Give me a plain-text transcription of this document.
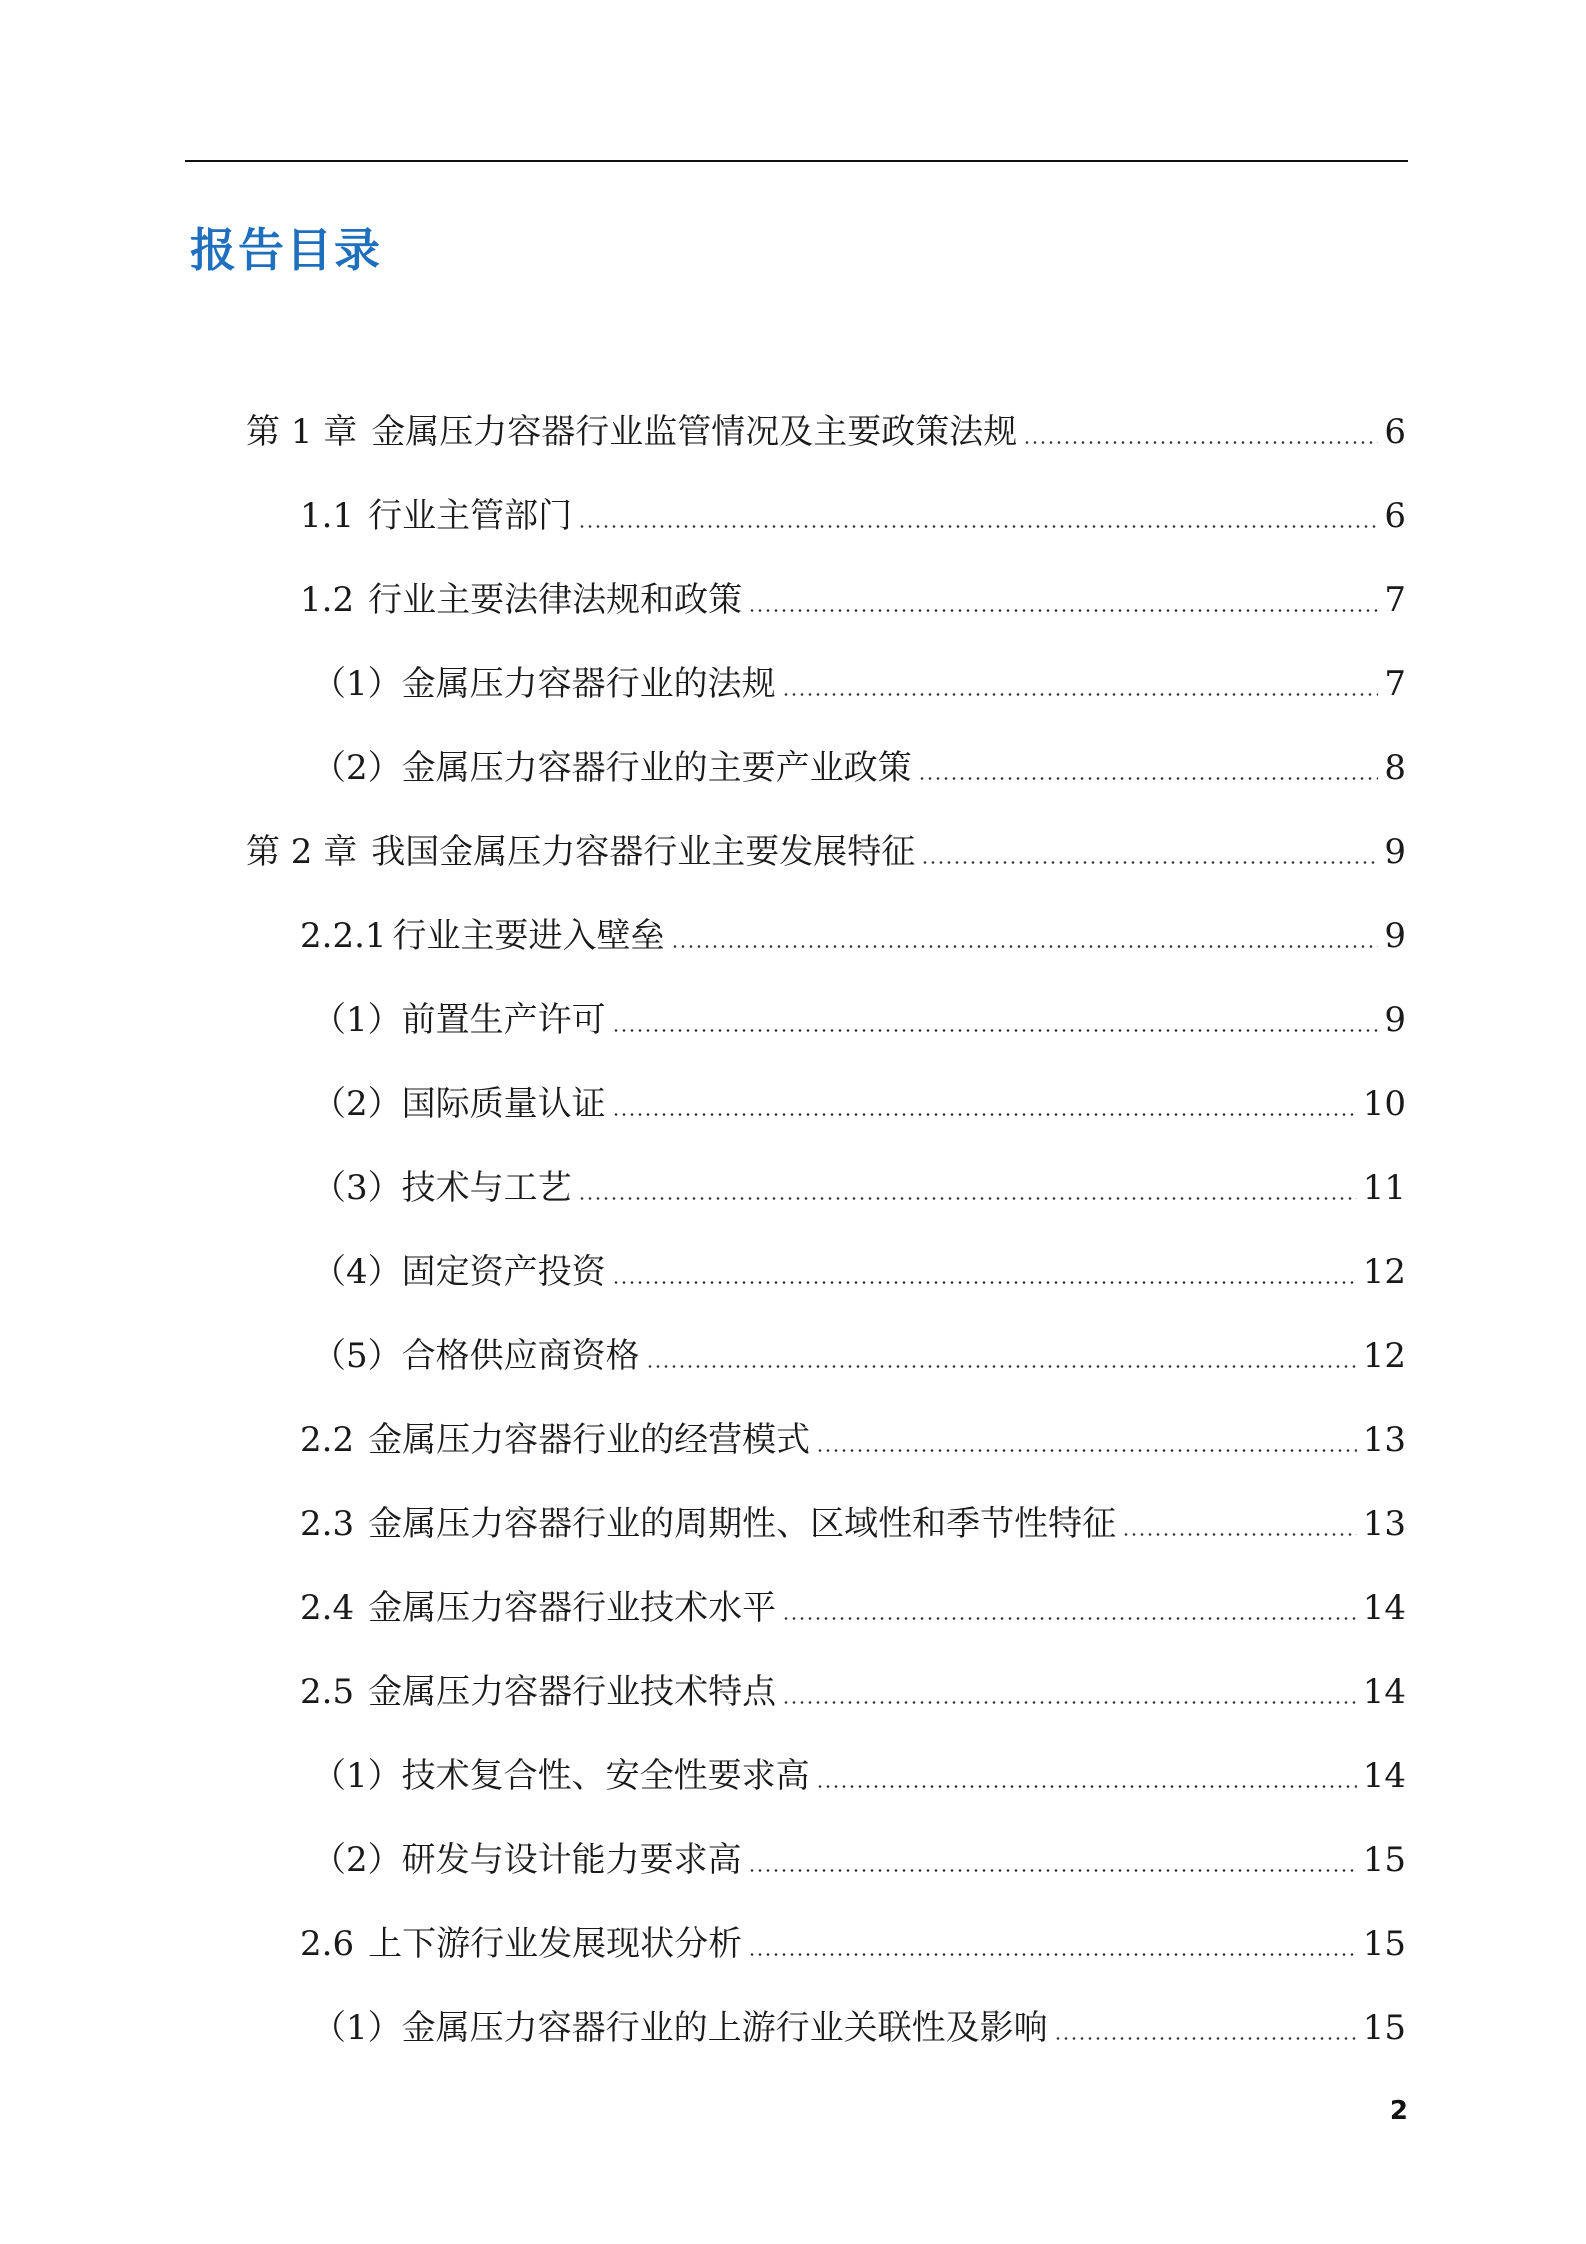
报告目录
第 1 章 金属压力容器行业监管情况及主要政策法规	6
1.1 行业主管部门	6
1.2 行业主要法律法规和政策	7
（1）金属压力容器行业的法规	7
（2）金属压力容器行业的主要产业政策	8
第 2 章 我国金属压力容器行业主要发展特征	9
2.2.1 行业主要进入壁垒	9
（1）前置生产许可	9
（2）国际质量认证	10
（3）技术与工艺	11
（4）固定资产投资	12
（5）合格供应商资格	12
2.2 金属压力容器行业的经营模式	13
2.3 金属压力容器行业的周期性、区域性和季节性特征	13
2.4 金属压力容器行业技术水平	14
2.5 金属压力容器行业技术特点	14
（1）技术复合性、安全性要求高	14
（2）研发与设计能力要求高	15
2.6 上下游行业发展现状分析	15
（1）金属压力容器行业的上游行业关联性及影响	15
2
